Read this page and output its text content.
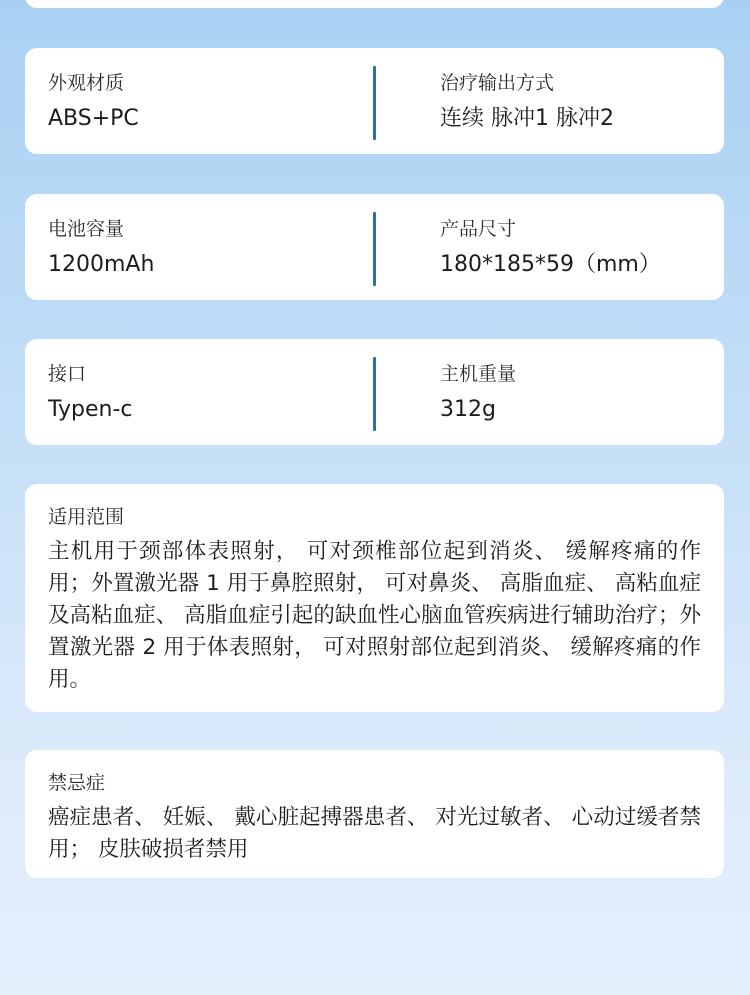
外观材质
ABS+PC
治疗输出方式
连续 脉冲1 脉冲2
电池容量
1200mAh
产品尺寸
180*185*59（mm）
接口
Typen-c
主机重量
312g
适用范围
主机用于颈部体表照射， 可对颈椎部位起到消炎、 缓解疼痛的作用；外置激光器 1 用于鼻腔照射， 可对鼻炎、 高脂血症、 高粘血症及高粘血症、 高脂血症引起的缺血性心脑血管疾病进行辅助治疗；外置激光器 2 用于体表照射， 可对照射部位起到消炎、 缓解疼痛的作用。
禁忌症
癌症患者、 妊娠、 戴心脏起搏器患者、 对光过敏者、 心动过缓者禁用； 皮肤破损者禁用
